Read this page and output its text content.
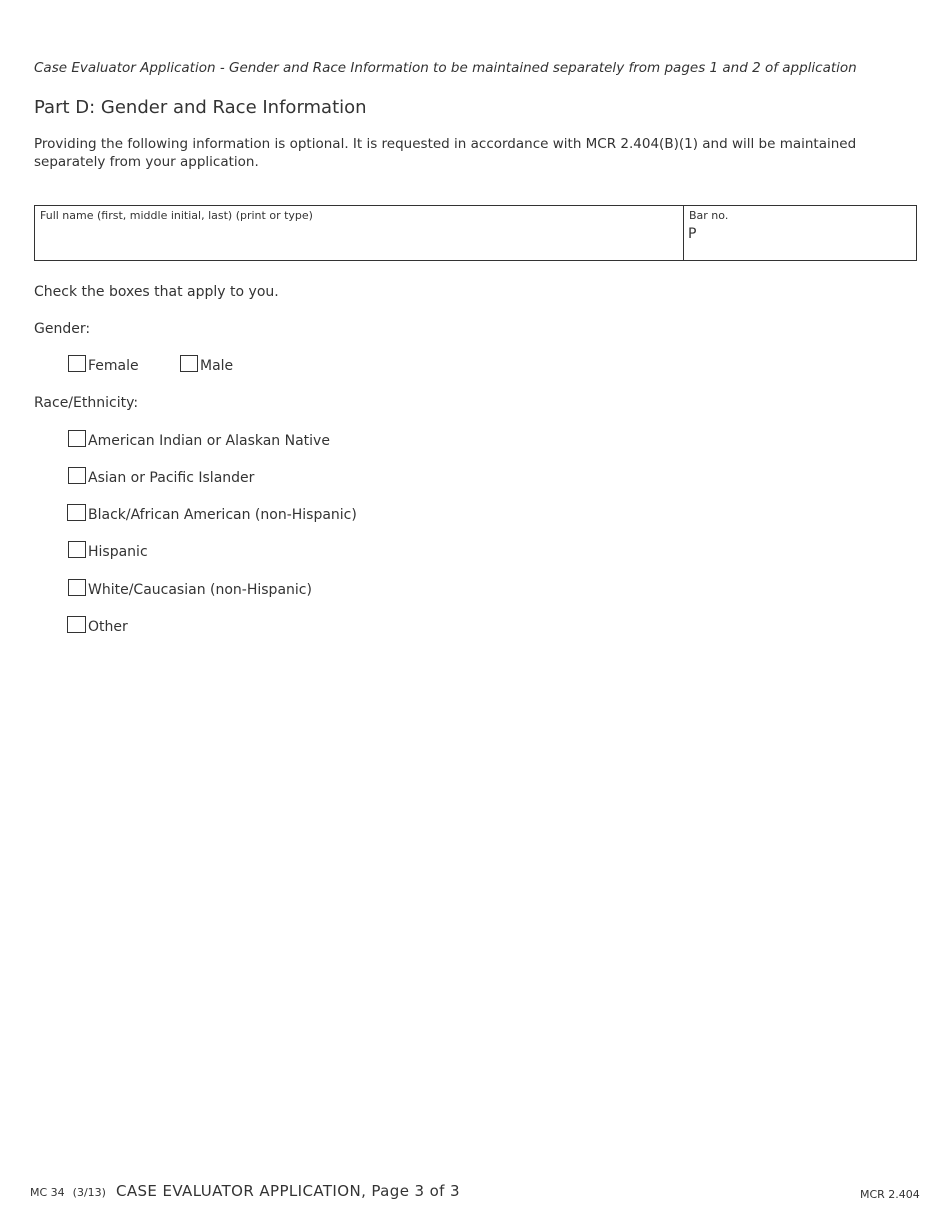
Case Evaluator Application - Gender and Race Information to be maintained separately from pages 1 and 2 of application
Part D: Gender and Race Information
Providing the following information is optional. It is requested in accordance with MCR 2.404(B)(1) and will be maintained separately from your application.
Full name (first, middle initial, last) (print or type)	Bar no.
P
Check the boxes that apply to you.
Gender:
Female	Male
Race/Ethnicity:
American Indian or Alaskan Native
Asian or Pacific Islander
Black/African American (non-Hispanic)
Hispanic
White/Caucasian (non-Hispanic)
Other
MC 34 (3/13) CASE EVALUATOR APPLICATION, Page 3 of 3	MCR 2.404
